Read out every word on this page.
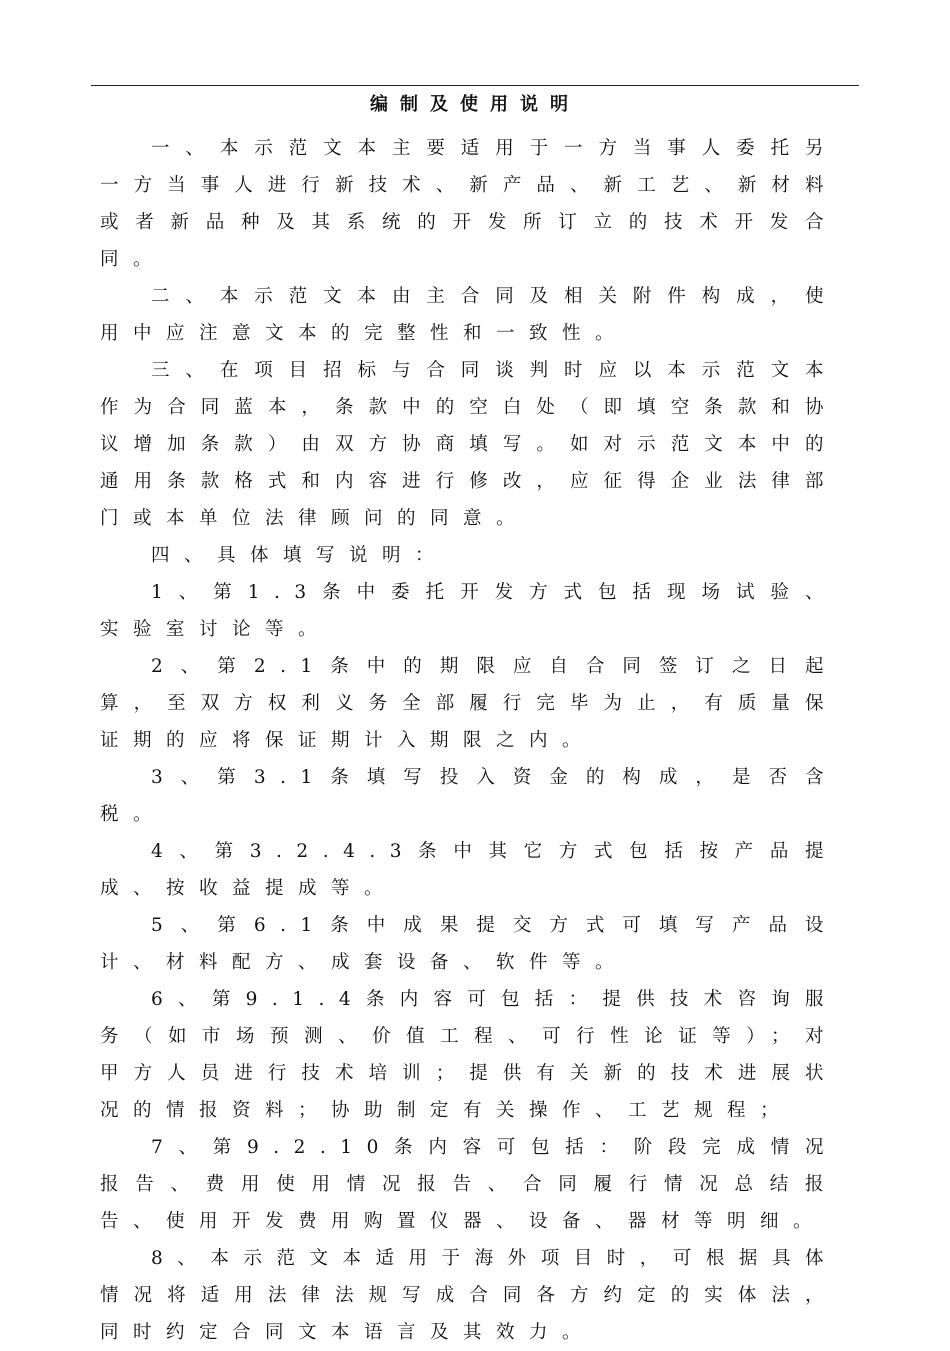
编制及使用说明

一、本示范文本主要适用于一方当事人委托另一方当事人进行新技术、新产品、新工艺、新材料或者新品种及其系统的开发所订立的技术开发合同。

二、本示范文本由主合同及相关附件构成，使用中应注意文本的完整性和一致性。

三、在项目招标与合同谈判时应以本示范文本作为合同蓝本，条款中的空白处（即填空条款和协议增加条款）由双方协商填写。如对示范文本中的通用条款格式和内容进行修改，应征得企业法律部门或本单位法律顾问的同意。

四、具体填写说明：

1、第1.3条中委托开发方式包括现场试验、实验室讨论等。

2、第2.1条中的期限应自合同签订之日起算，至双方权利义务全部履行完毕为止，有质量保证期的应将保证期计入期限之内。

3、第3.1条填写投入资金的构成，是否含税。

4、第3.2.4.3条中其它方式包括按产品提成、按收益提成等。

5、第6.1条中成果提交方式可填写产品设计、材料配方、成套设备、软件等。

6、第9.1.4条内容可包括：提供技术咨询服务（如市场预测、价值工程、可行性论证等）；对甲方人员进行技术培训；提供有关新的技术进展状况的情报资料；协助制定有关操作、工艺规程；

7、第9.2.10条内容可包括：阶段完成情况报告、费用使用情况报告、合同履行情况总结报告、使用开发费用购置仪器、设备、器材等明细。

8、本示范文本适用于海外项目时，可根据具体情况将适用法律法规写成合同各方约定的实体法，同时约定合同文本语言及其效力。
